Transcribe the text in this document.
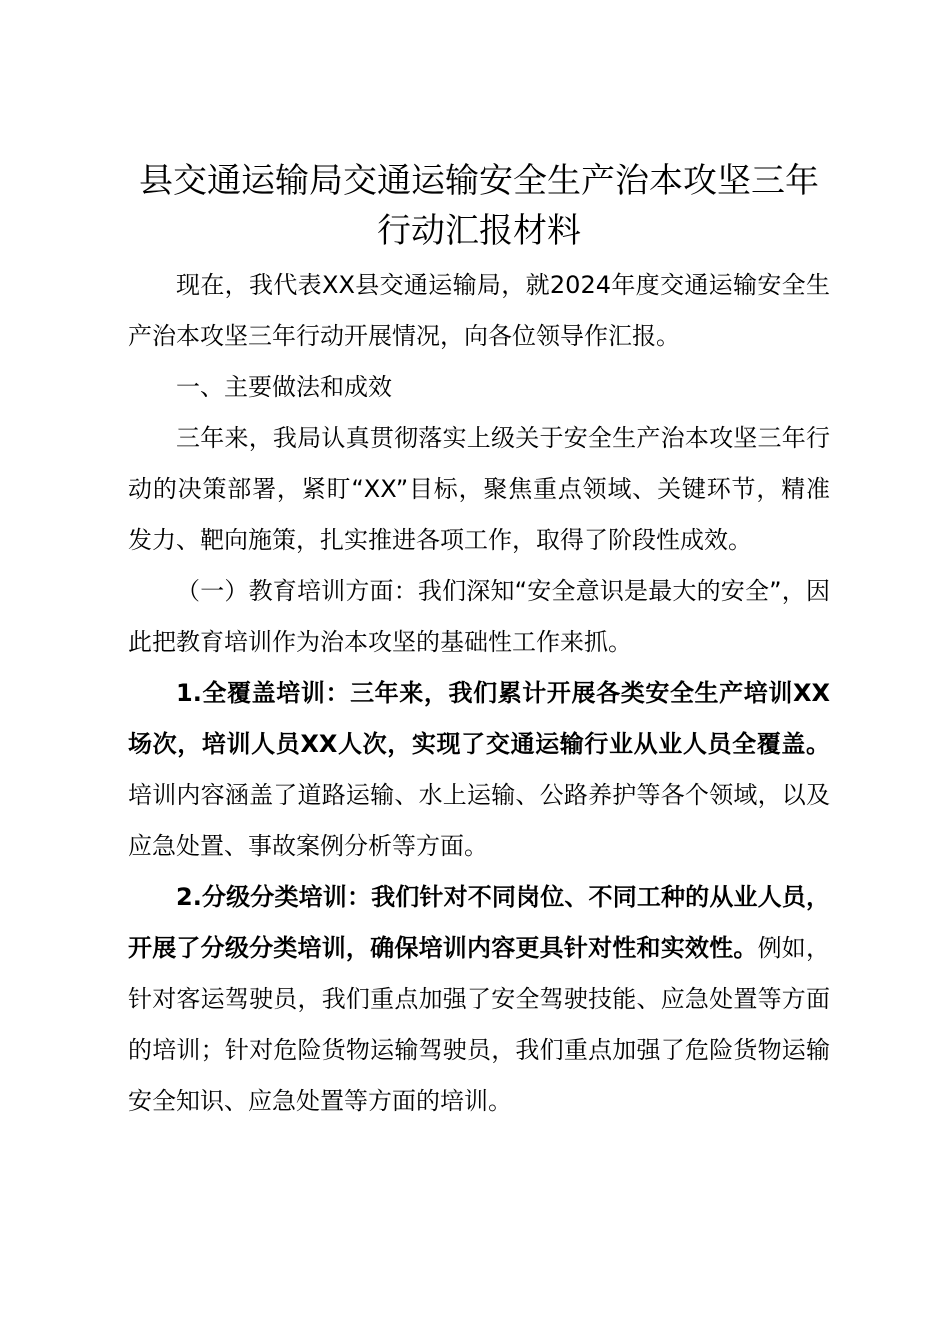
县交通运输局交通运输安全生产治本攻坚三年
行动汇报材料

现在，我代表XX县交通运输局，就2024年度交通运输安全生产治本攻坚三年行动开展情况，向各位领导作汇报。

一、主要做法和成效

三年来，我局认真贯彻落实上级关于安全生产治本攻坚三年行动的决策部署，紧盯“XX”目标，聚焦重点领域、关键环节，精准发力、靶向施策，扎实推进各项工作，取得了阶段性成效。

（一）教育培训方面：我们深知“安全意识是最大的安全”，因此把教育培训作为治本攻坚的基础性工作来抓。

1.全覆盖培训：三年来，我们累计开展各类安全生产培训XX场次，培训人员XX人次，实现了交通运输行业从业人员全覆盖。培训内容涵盖了道路运输、水上运输、公路养护等各个领域，以及应急处置、事故案例分析等方面。

2.分级分类培训：我们针对不同岗位、不同工种的从业人员，开展了分级分类培训，确保培训内容更具针对性和实效性。例如，针对客运驾驶员，我们重点加强了安全驾驶技能、应急处置等方面的培训；针对危险货物运输驾驶员，我们重点加强了危险货物运输安全知识、应急处置等方面的培训。
